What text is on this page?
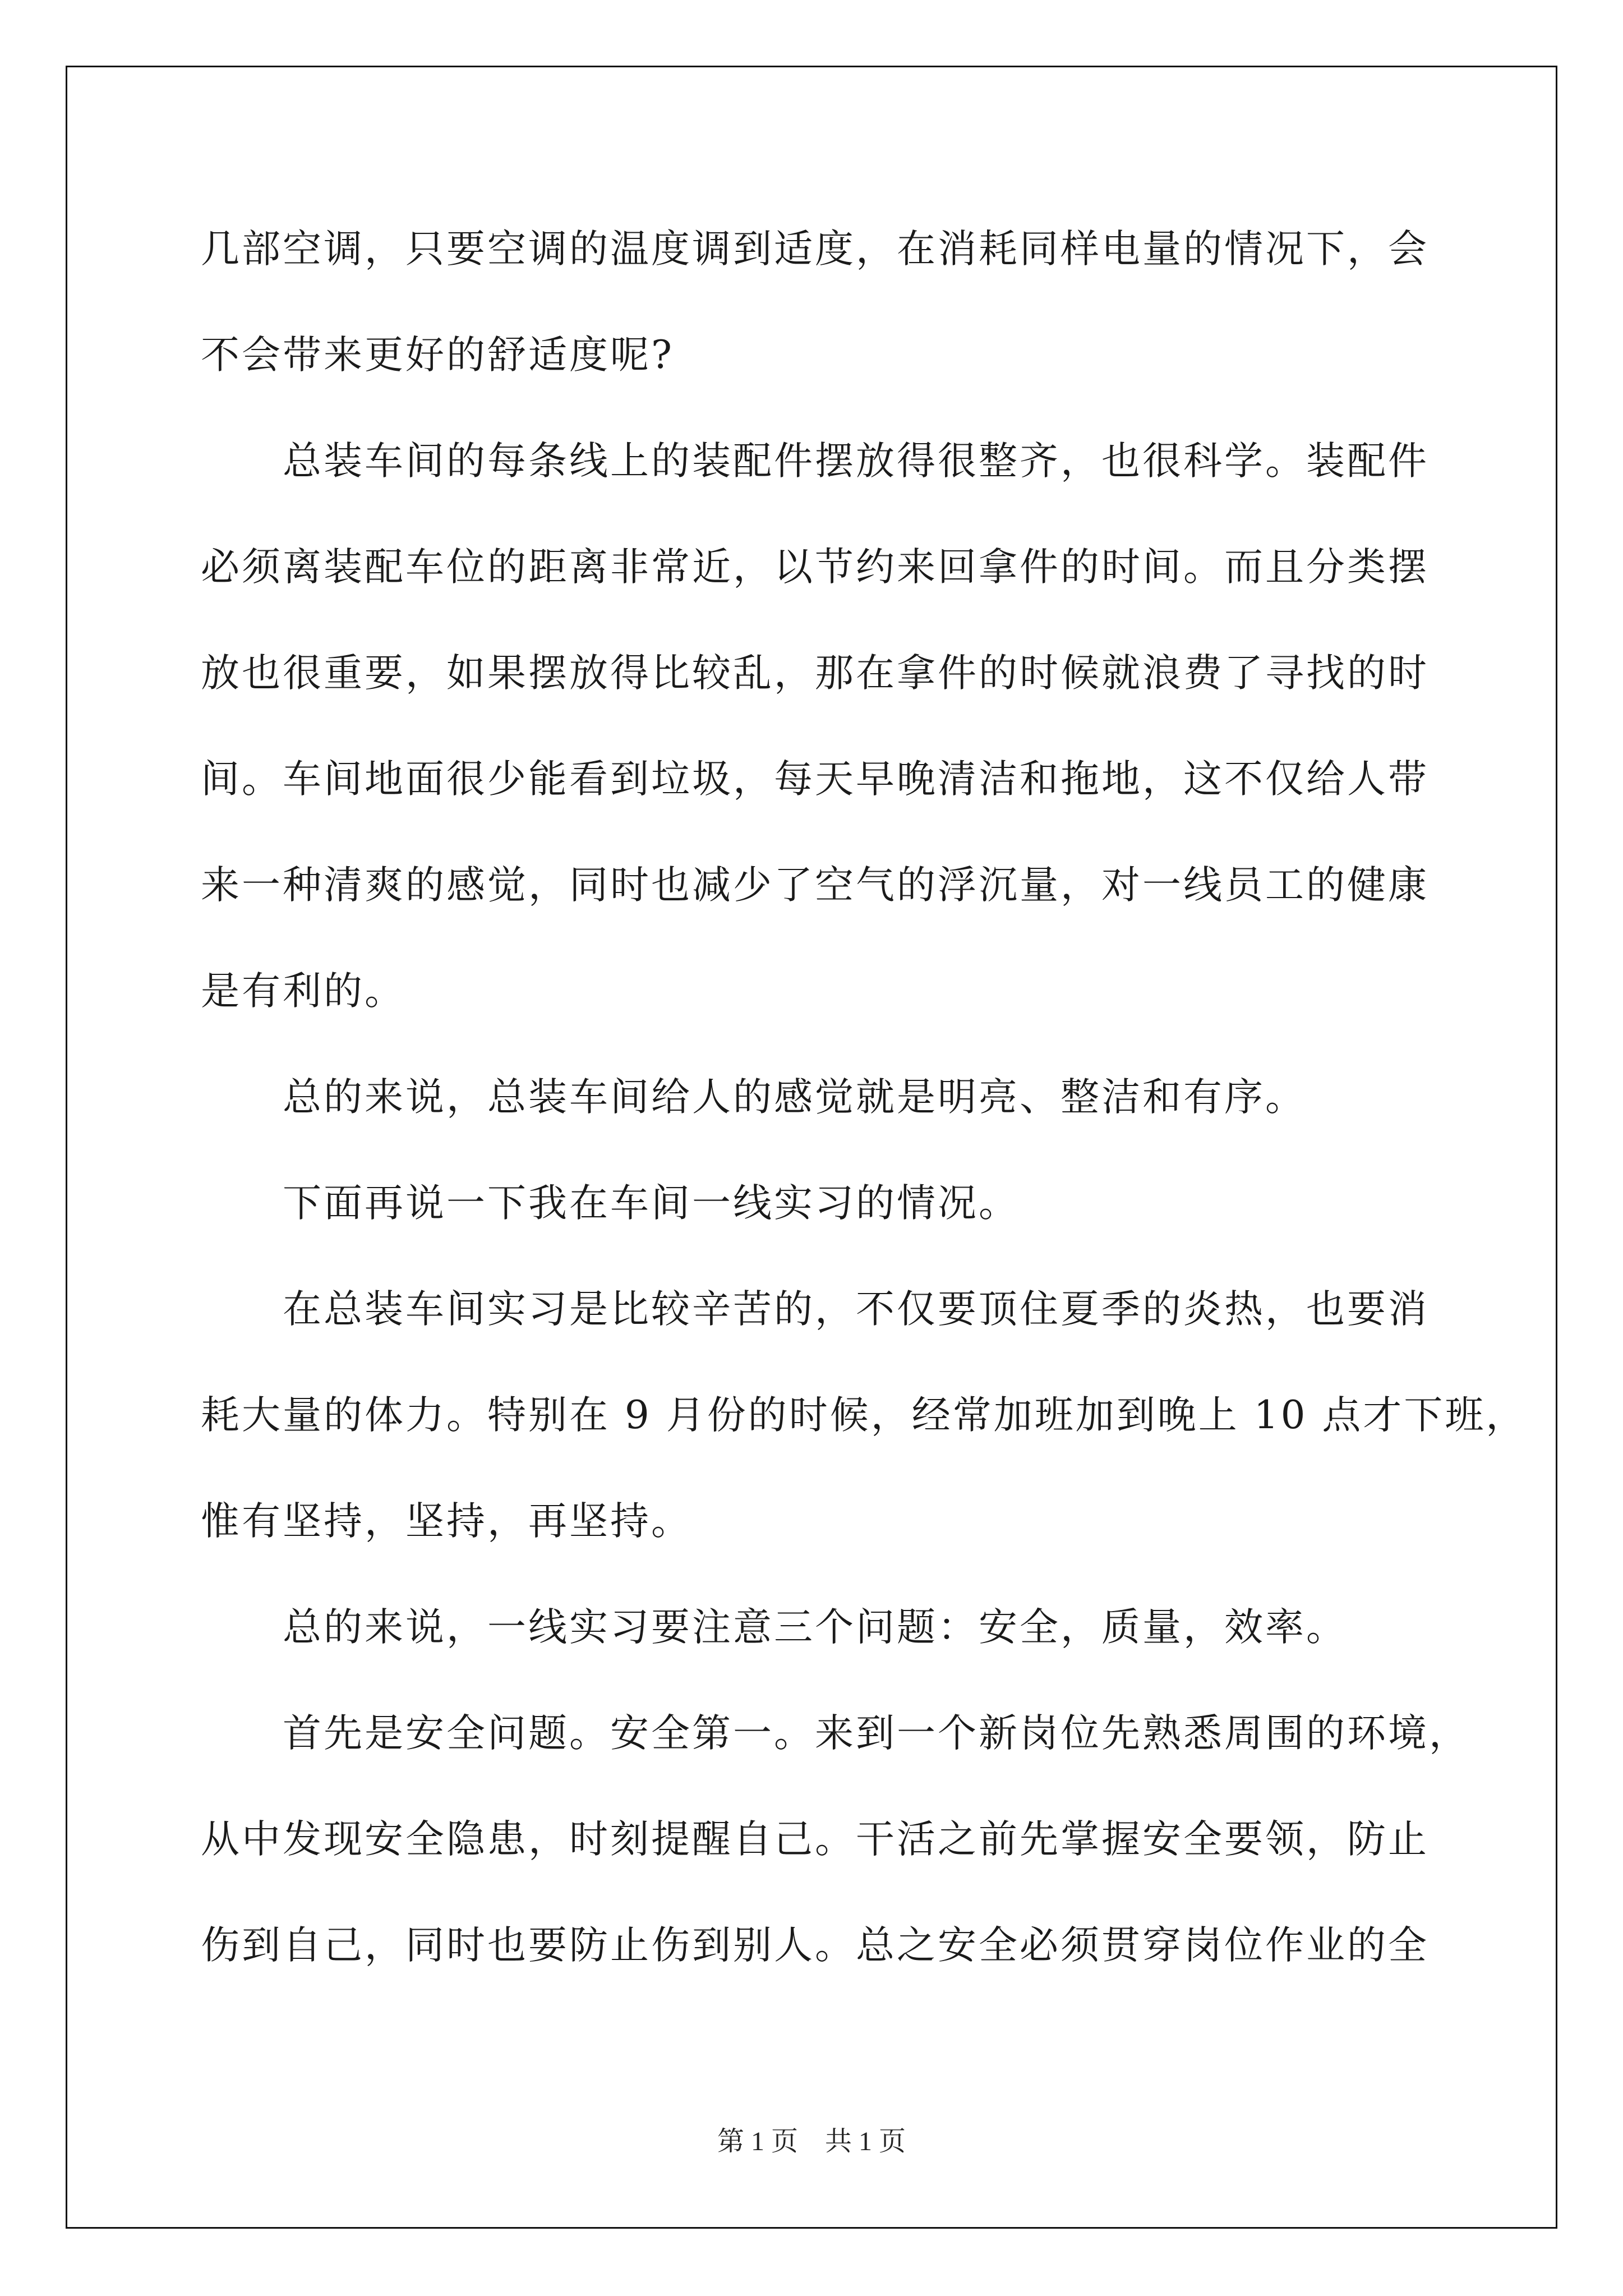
几部空调，只要空调的温度调到适度，在消耗同样电量的情况下，会
不会带来更好的舒适度呢?
总装车间的每条线上的装配件摆放得很整齐，也很科学。装配件
必须离装配车位的距离非常近，以节约来回拿件的时间。而且分类摆
放也很重要，如果摆放得比较乱，那在拿件的时候就浪费了寻找的时
间。车间地面很少能看到垃圾，每天早晚清洁和拖地，这不仅给人带
来一种清爽的感觉，同时也减少了空气的浮沉量，对一线员工的健康
是有利的。
总的来说，总装车间给人的感觉就是明亮、整洁和有序。
下面再说一下我在车间一线实习的情况。
在总装车间实习是比较辛苦的，不仅要顶住夏季的炎热，也要消
耗大量的体力。特别在 9 月份的时候，经常加班加到晚上 10 点才下班，
惟有坚持，坚持，再坚持。
总的来说，一线实习要注意三个问题：安全，质量，效率。
首先是安全问题。安全第一。来到一个新岗位先熟悉周围的环境，
从中发现安全隐患，时刻提醒自己。干活之前先掌握安全要领，防止
伤到自己，同时也要防止伤到别人。总之安全必须贯穿岗位作业的全
第 1 页　共 1 页
